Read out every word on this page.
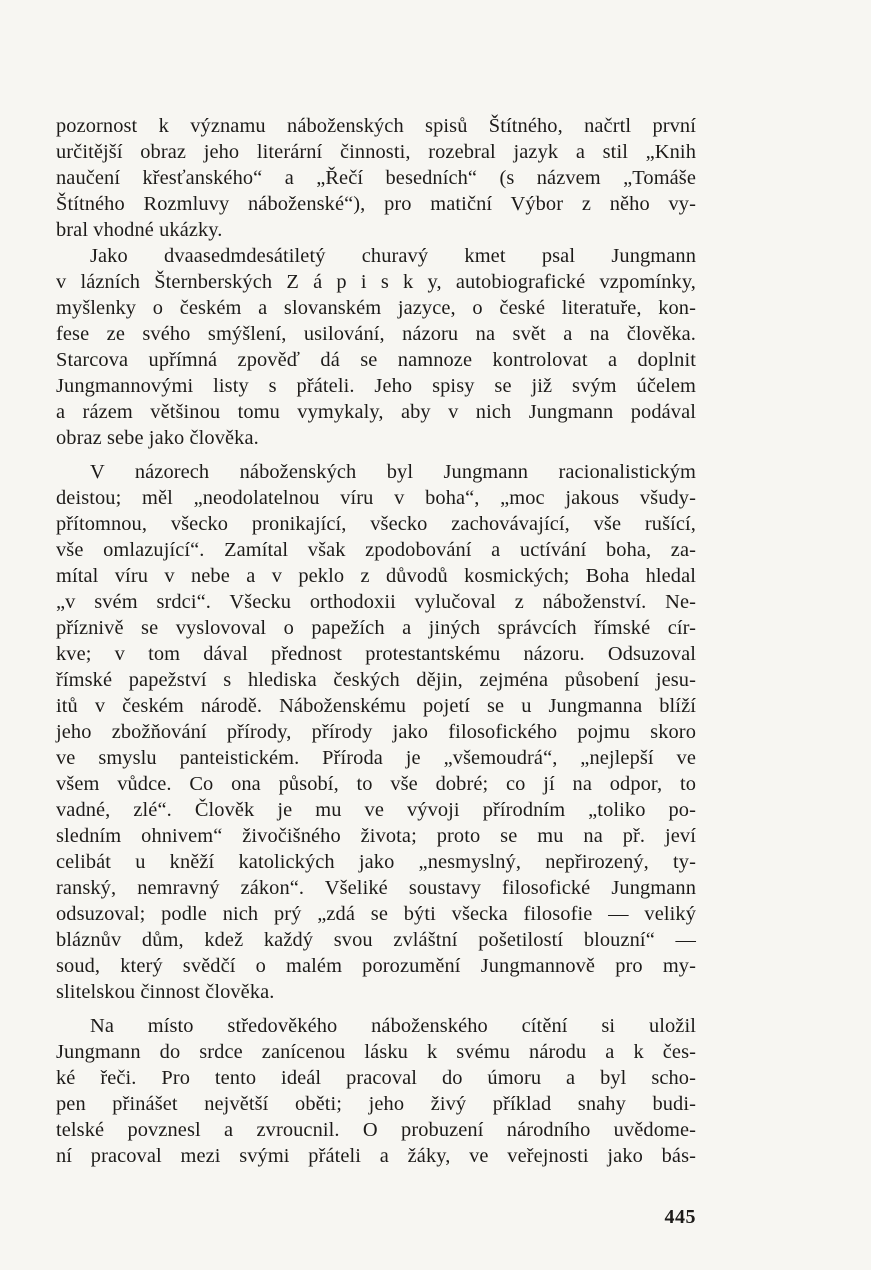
pozornost k významu náboženských spisů Štítného, načrtl první
určitější obraz jeho literární činnosti, rozebral jazyk a stil „Knih
naučení křesťanského“ a „Řečí besedních“ (s názvem „Tomáše
Štítného Rozmluvy náboženské“), pro matiční Výbor z něho vy-
bral vhodné ukázky.
Jako dvaasedmdesátiletý churavý kmet psal Jungmann
v lázních Šternberských Z á p i s k y, autobiografické vzpomínky,
myšlenky o českém a slovanském jazyce, o české literatuře, kon-
fese ze svého smýšlení, usilování, názoru na svět a na člověka.
Starcova upřímná zpověď dá se namnoze kontrolovat a doplnit
Jungmannovými listy s přáteli. Jeho spisy se již svým účelem
a rázem většinou tomu vymykaly, aby v nich Jungmann podával
obraz sebe jako člověka.
V názorech náboženských byl Jungmann racionalistickým
deistou; měl „neodolatelnou víru v boha“, „moc jakous všudy-
přítomnou, všecko pronikající, všecko zachovávající, vše rušící,
vše omlazující“. Zamítal však zpodobování a uctívání boha, za-
mítal víru v nebe a v peklo z důvodů kosmických; Boha hledal
„v svém srdci“. Všecku orthodoxii vylučoval z náboženství. Ne-
příznivě se vyslovoval o papežích a jiných správcích římské cír-
kve; v tom dával přednost protestantskému názoru. Odsuzoval
římské papežství s hlediska českých dějin, zejména působení jesu-
itů v českém národě. Náboženskému pojetí se u Jungmanna blíží
jeho zbožňování přírody, přírody jako filosofického pojmu skoro
ve smyslu panteistickém. Příroda je „všemoudrá“, „nejlepší ve
všem vůdce. Co ona působí, to vše dobré; co jí na odpor, to
vadné, zlé“. Člověk je mu ve vývoji přírodním „toliko po-
sledním ohnivem“ živočišného života; proto se mu na př. jeví
celibát u kněží katolických jako „nesmyslný, nepřirozený, ty-
ranský, nemravný zákon“. Všeliké soustavy filosofické Jungmann
odsuzoval; podle nich prý „zdá se býti všecka filosofie — veliký
bláznův dům, kdež každý svou zvláštní pošetilostí blouzní“ —
soud, který svědčí o malém porozumění Jungmannově pro my-
slitelskou činnost člověka.
Na místo středověkého náboženského cítění si uložil
Jungmann do srdce zanícenou lásku k svému národu a k čes-
ké řeči. Pro tento ideál pracoval do úmoru a byl scho-
pen přinášet největší oběti; jeho živý příklad snahy budi-
telské povznesl a zvroucnil. O probuzení národního uvědome-
ní pracoval mezi svými přáteli a žáky, ve veřejnosti jako bás-
445
